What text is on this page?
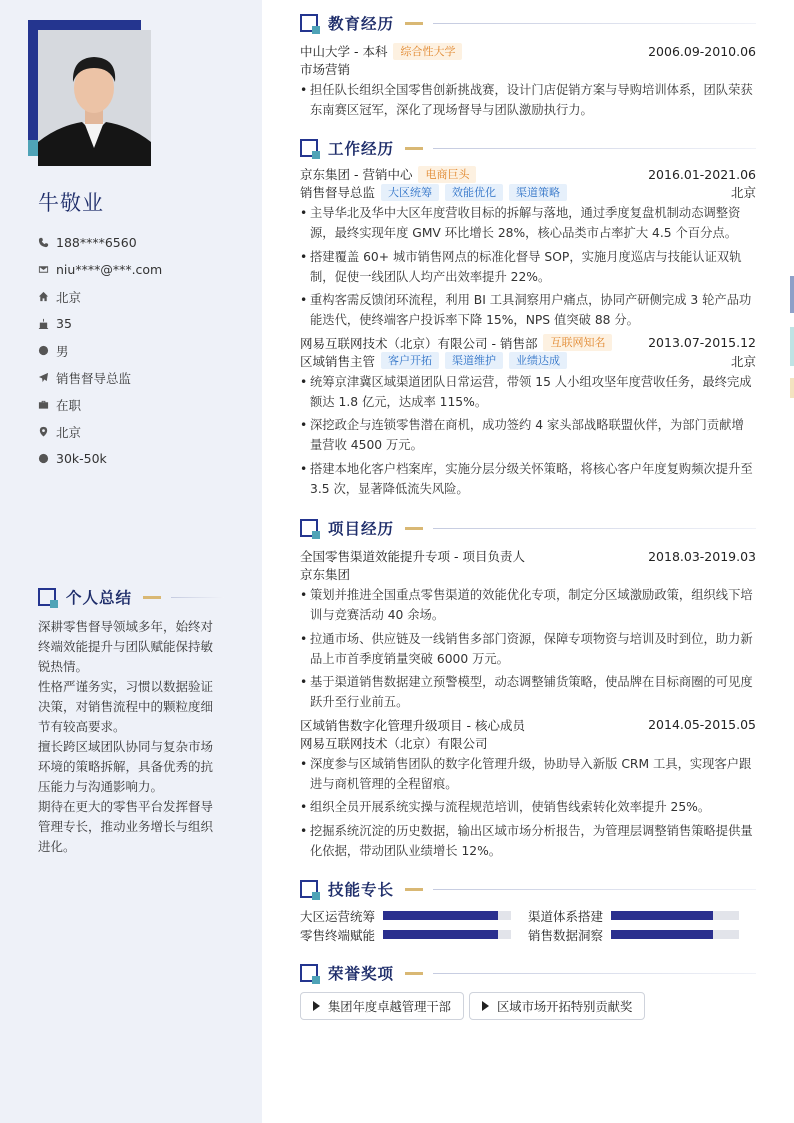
牛敬业
188****6560
niu****@***.com
北京
35
男
销售督导总监
在职
北京
30k-50k
个人总结

深耕零售督导领域多年，始终对终端效能提升与团队赋能保持敏锐热情。

性格严谨务实，习惯以数据验证决策，对销售流程中的颗粒度细节有较高要求。

擅长跨区域团队协同与复杂市场环境的策略拆解，具备优秀的抗压能力与沟通影响力。

期待在更大的零售平台发挥督导管理专长，推动业务增长与组织进化。

教育经历
中山大学 - 本科	综合性大学	2006.09-2010.06
市场营销
• 担任队长组织全国零售创新挑战赛，设计门店促销方案与导购培训体系，团队荣获东南赛区冠军，深化了现场督导与团队激励执行力。
工作经历
京东集团 - 营销中心	电商巨头	2016.01-2021.06
销售督导总监	大区统筹	效能优化	渠道策略	北京
• 主导华北及华中大区年度营收目标的拆解与落地，通过季度复盘机制动态调整资源，最终实现年度 GMV 环比增长 28%，核心品类市占率扩大 4.5 个百分点。
• 搭建覆盖 60+ 城市销售网点的标准化督导 SOP，实施月度巡店与技能认证双轨制，促使一线团队人均产出效率提升 22%。
• 重构客需反馈闭环流程，利用 BI 工具洞察用户痛点，协同产研侧完成 3 轮产品功能迭代，使终端客户投诉率下降 15%，NPS 值突破 88 分。
网易互联网技术（北京）有限公司 - 销售部	互联网知名	2013.07-2015.12
区域销售主管	客户开拓	渠道维护	业绩达成	北京
• 统筹京津冀区域渠道团队日常运营，带领 15 人小组攻坚年度营收任务，最终完成额达 1.8 亿元，达成率 115%。
• 深挖政企与连锁零售潜在商机，成功签约 4 家头部战略联盟伙伴，为部门贡献增量营收 4500 万元。
• 搭建本地化客户档案库，实施分层分级关怀策略，将核心客户年度复购频次提升至 3.5 次，显著降低流失风险。
项目经历
全国零售渠道效能提升专项 - 项目负责人	2018.03-2019.03
京东集团
• 策划并推进全国重点零售渠道的效能优化专项，制定分区域激励政策，组织线下培训与竞赛活动 40 余场。
• 拉通市场、供应链及一线销售多部门资源，保障专项物资与培训及时到位，助力新品上市首季度销量突破 6000 万元。
• 基于渠道销售数据建立预警模型，动态调整铺货策略，使品牌在目标商圈的可见度跃升至行业前五。
区域销售数字化管理升级项目 - 核心成员	2014.05-2015.05
网易互联网技术（北京）有限公司
• 深度参与区域销售团队的数字化管理升级，协助导入新版 CRM 工具，实现客户跟进与商机管理的全程留痕。
• 组织全员开展系统实操与流程规范培训，使销售线索转化效率提升 25%。
• 挖掘系统沉淀的历史数据，输出区域市场分析报告，为管理层调整销售策略提供量化依据，带动团队业绩增长 12%。
技能专长
大区运营统筹	渠道体系搭建
零售终端赋能	销售数据洞察
荣誉奖项
集团年度卓越管理干部	区域市场开拓特别贡献奖
